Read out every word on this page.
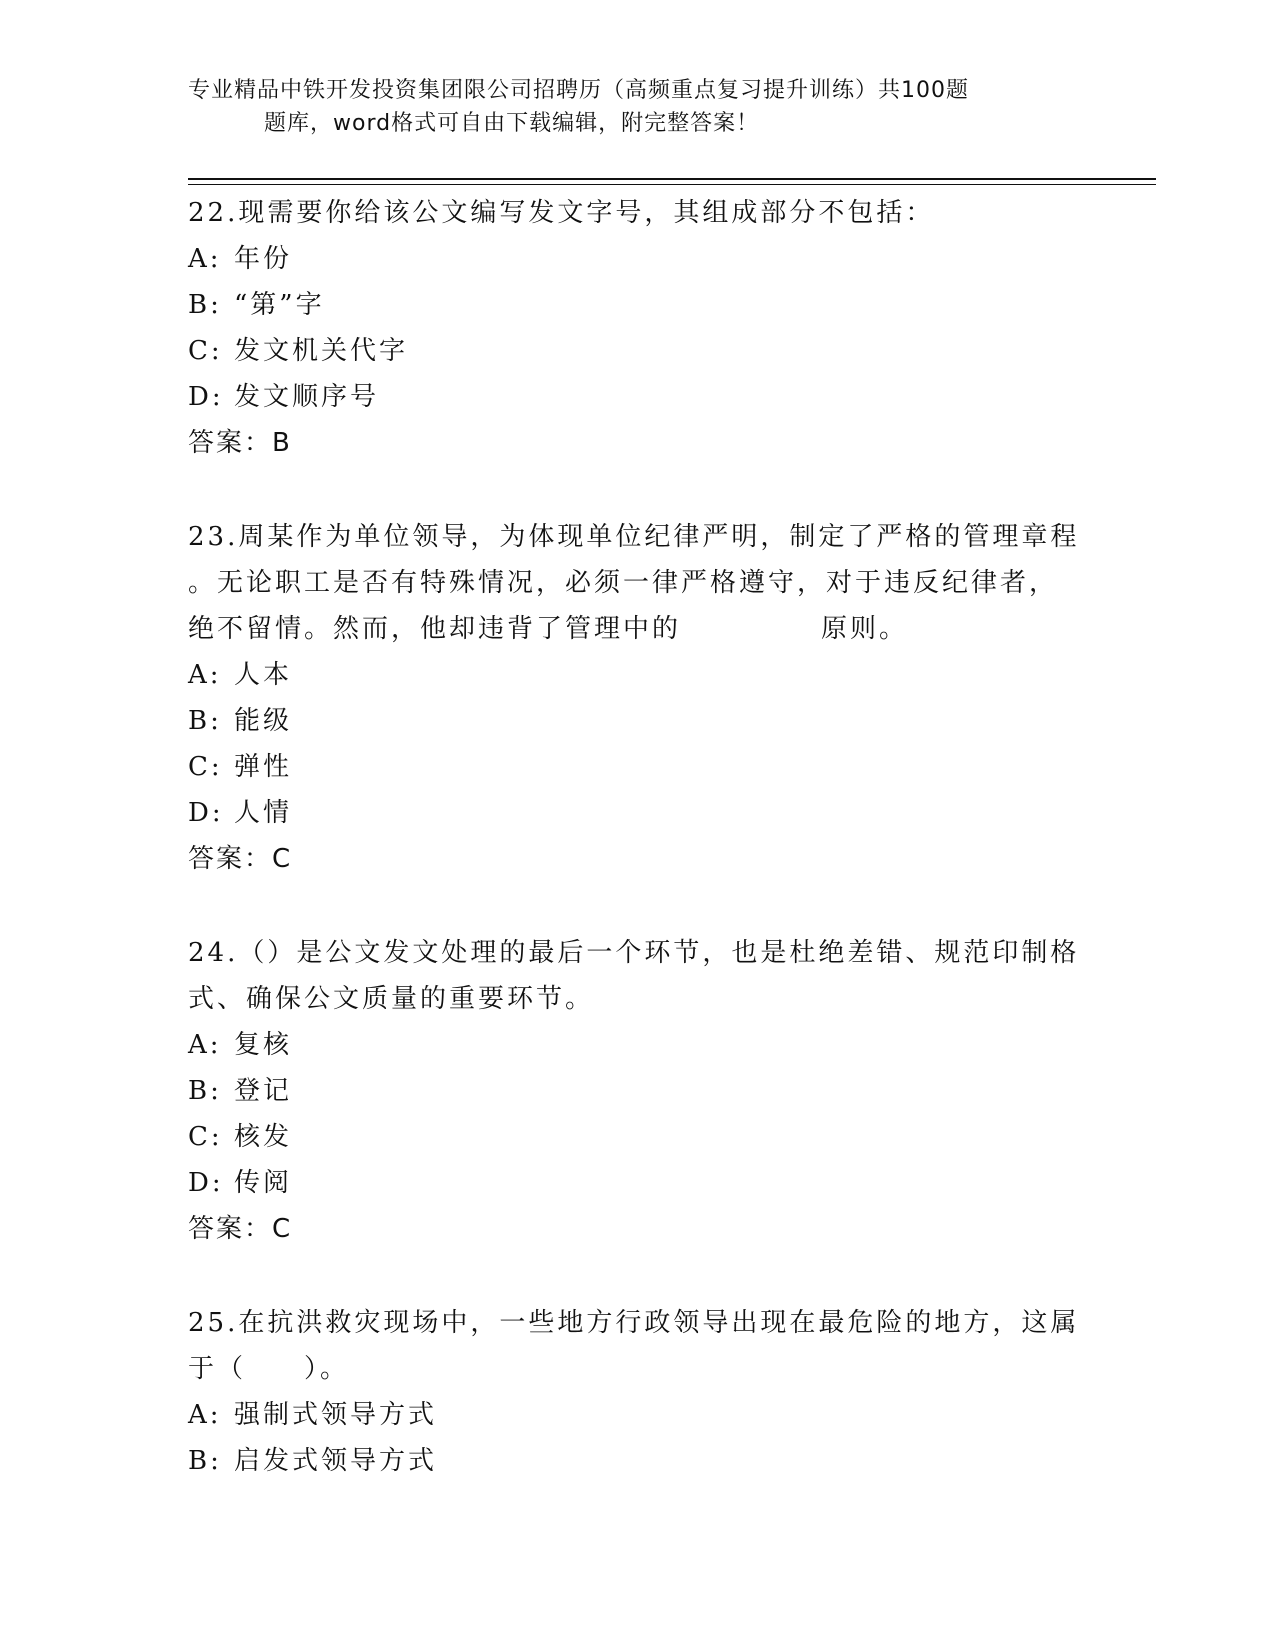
专业精品中铁开发投资集团限公司招聘历（高频重点复习提升训练）共100题
题库，word格式可自由下载编辑，附完整答案！

22.现需要你给该公文编写发文字号，其组成部分不包括：

A: 年份
B: “第”字
C: 发文机关代字
D: 发文顺序号

答案：B

23.周某作为单位领导，为体现单位纪律严明，制定了严格的管理章程

。无论职工是否有特殊情况，必须一律严格遵守，对于违反纪律者，

绝不留情。然而，他却违背了管理中的	原则。

A: 人本
B: 能级
C: 弹性
D: 人情

答案：C

24.（）是公文发文处理的最后一个环节，也是杜绝差错、规范印制格

式、确保公文质量的重要环节。

A: 复核
B: 登记
C: 核发
D: 传阅

答案：C

25.在抗洪救灾现场中，一些地方行政领导出现在最危险的地方，这属

于（　　）。

A: 强制式领导方式
B: 启发式领导方式
